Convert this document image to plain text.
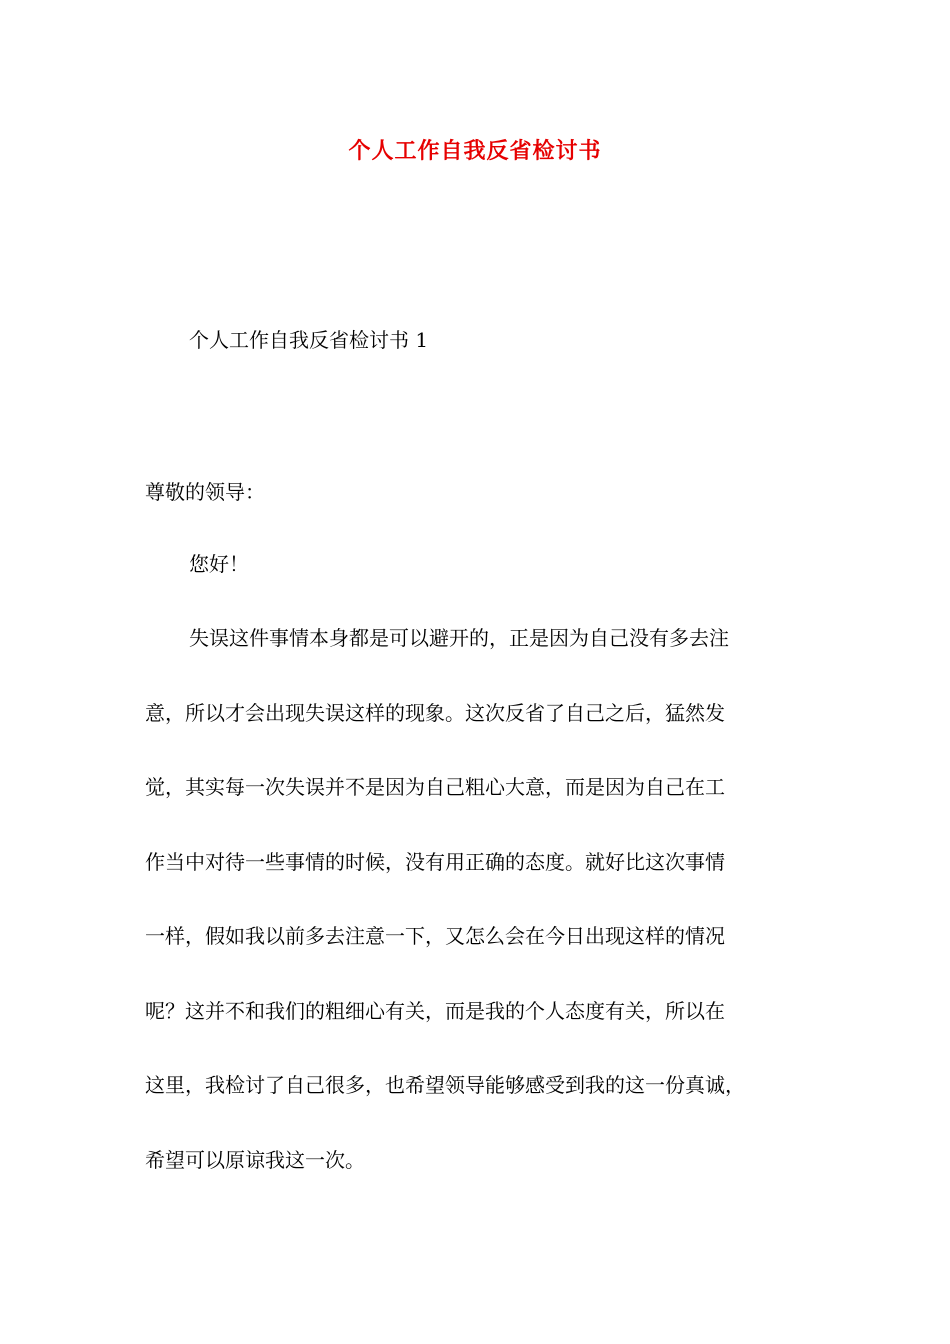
个人工作自我反省检讨书
个人工作自我反省检讨书 1
尊敬的领导：
您好！
失误这件事情本身都是可以避开的，正是因为自己没有多去注
意，所以才会出现失误这样的现象。这次反省了自己之后，猛然发
觉，其实每一次失误并不是因为自己粗心大意，而是因为自己在工
作当中对待一些事情的时候，没有用正确的态度。就好比这次事情
一样，假如我以前多去注意一下，又怎么会在今日出现这样的情况
呢？这并不和我们的粗细心有关，而是我的个人态度有关，所以在
这里，我检讨了自己很多，也希望领导能够感受到我的这一份真诚，
希望可以原谅我这一次。
